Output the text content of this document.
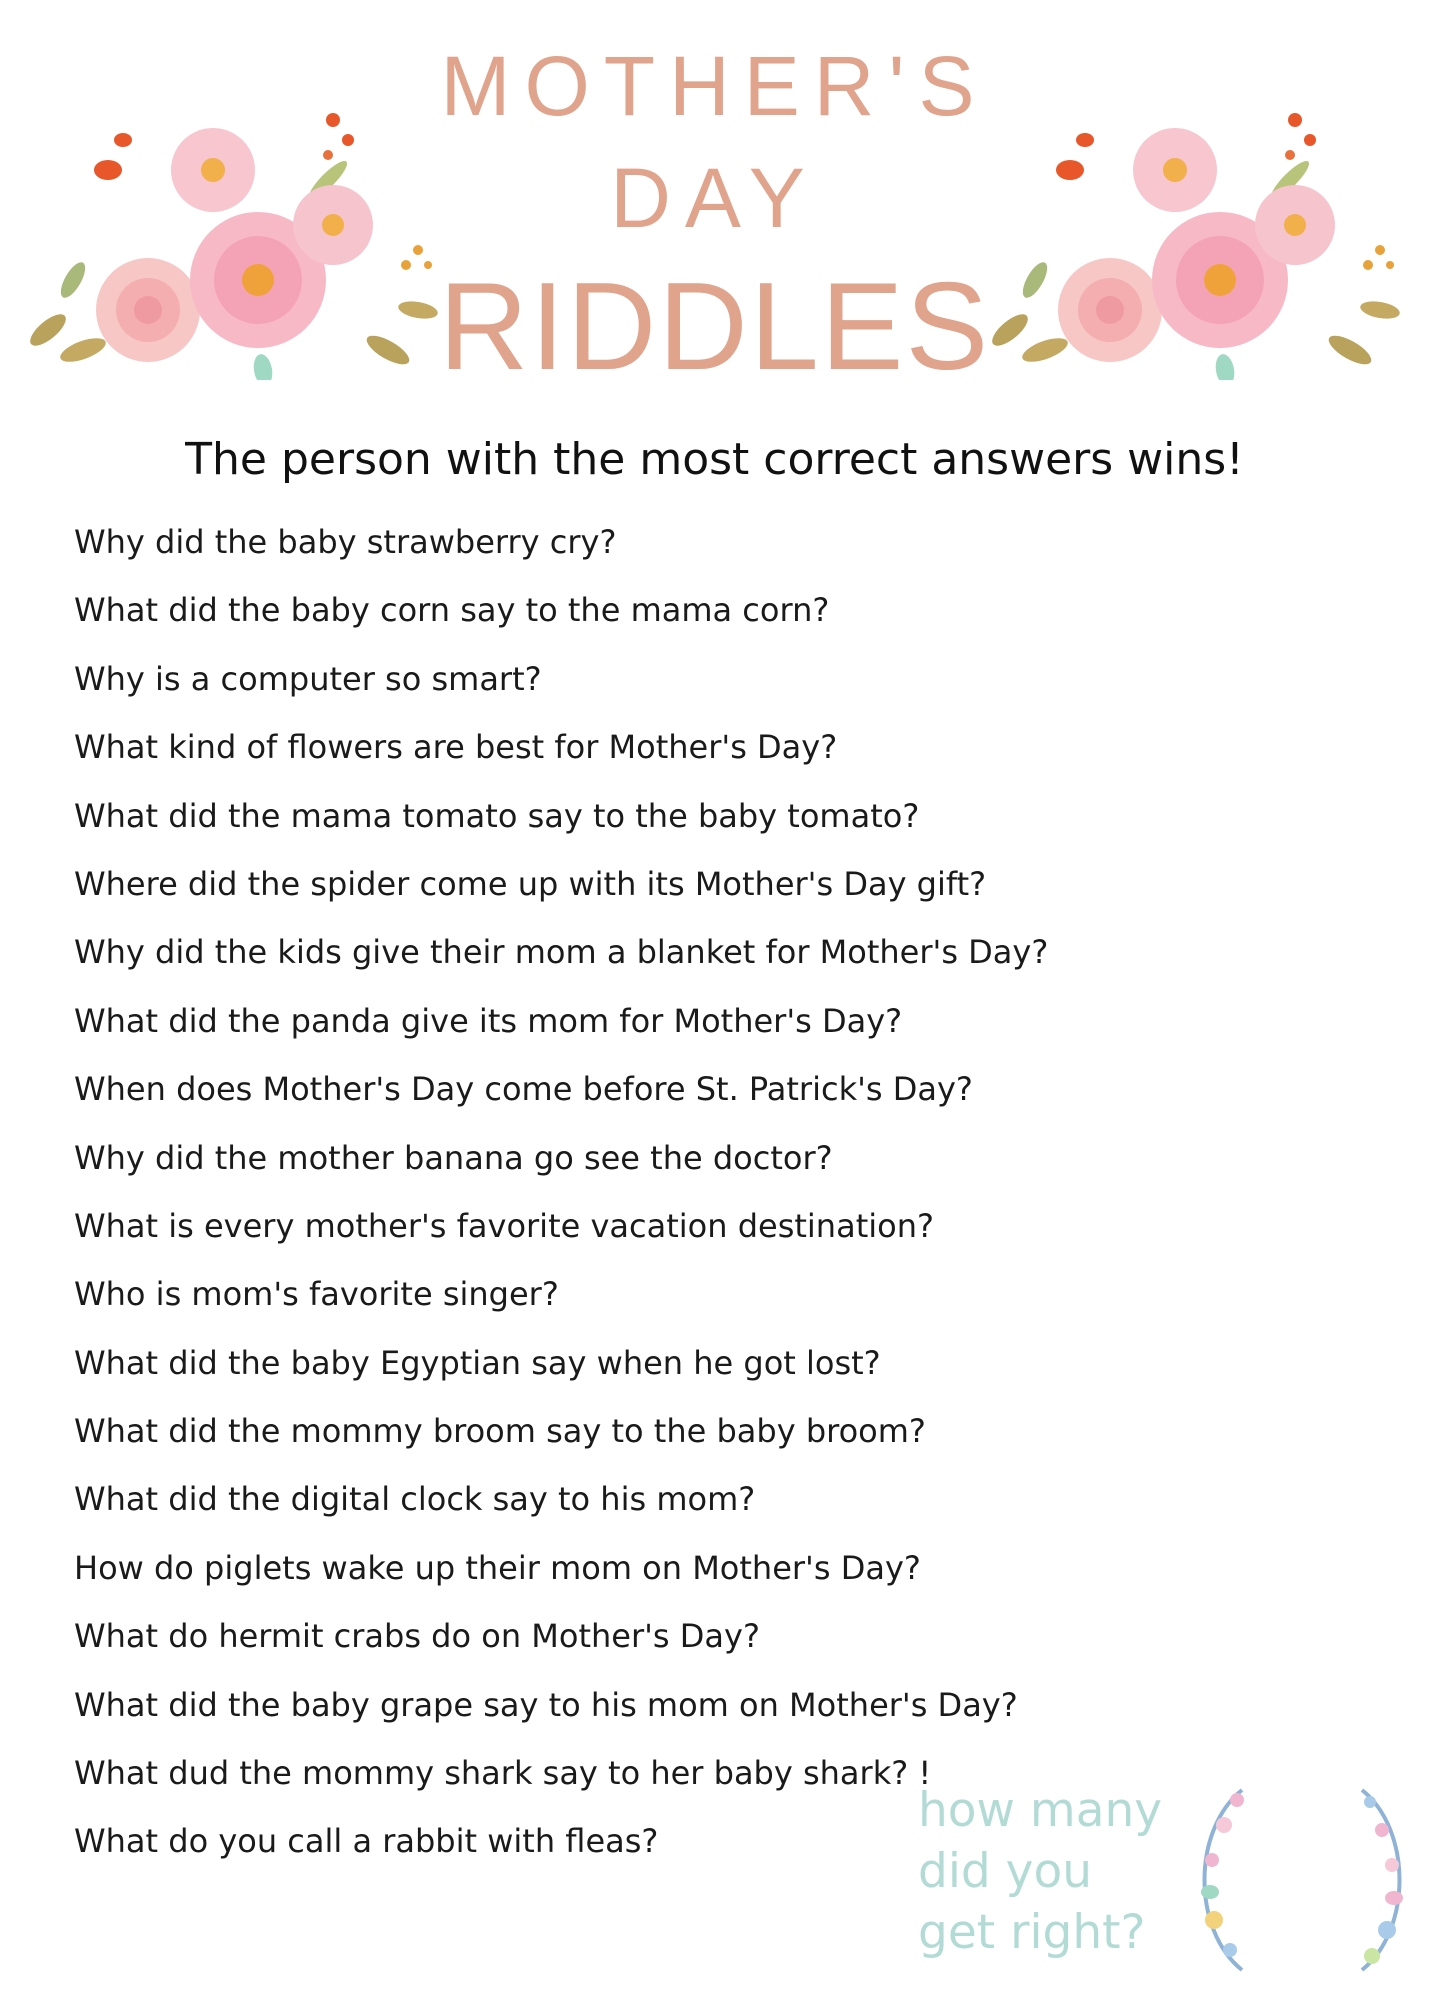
MOTHER'S
DAY
RIDDLES

The person with the most correct answers wins!

Why did the baby strawberry cry?
What did the baby corn say to the mama corn?
Why is a computer so smart?
What kind of flowers are best for Mother's Day?
What did the mama tomato say to the baby tomato?
Where did the spider come up with its Mother's Day gift?
Why did the kids give their mom a blanket for Mother's Day?
What did the panda give its mom for Mother's Day?
When does Mother's Day come before St. Patrick's Day?
Why did the mother banana go see the doctor?
What is every mother's favorite vacation destination?
Who is mom's favorite singer?
What did the baby Egyptian say when he got lost?
What did the mommy broom say to the baby broom?
What did the digital clock say to his mom?
How do piglets wake up their mom on Mother's Day?
What do hermit crabs do on Mother's Day?
What did the baby grape say to his mom on Mother's Day?
What dud the mommy shark say to her baby shark? !
What do you call a rabbit with fleas?

how many
did you
get right?
